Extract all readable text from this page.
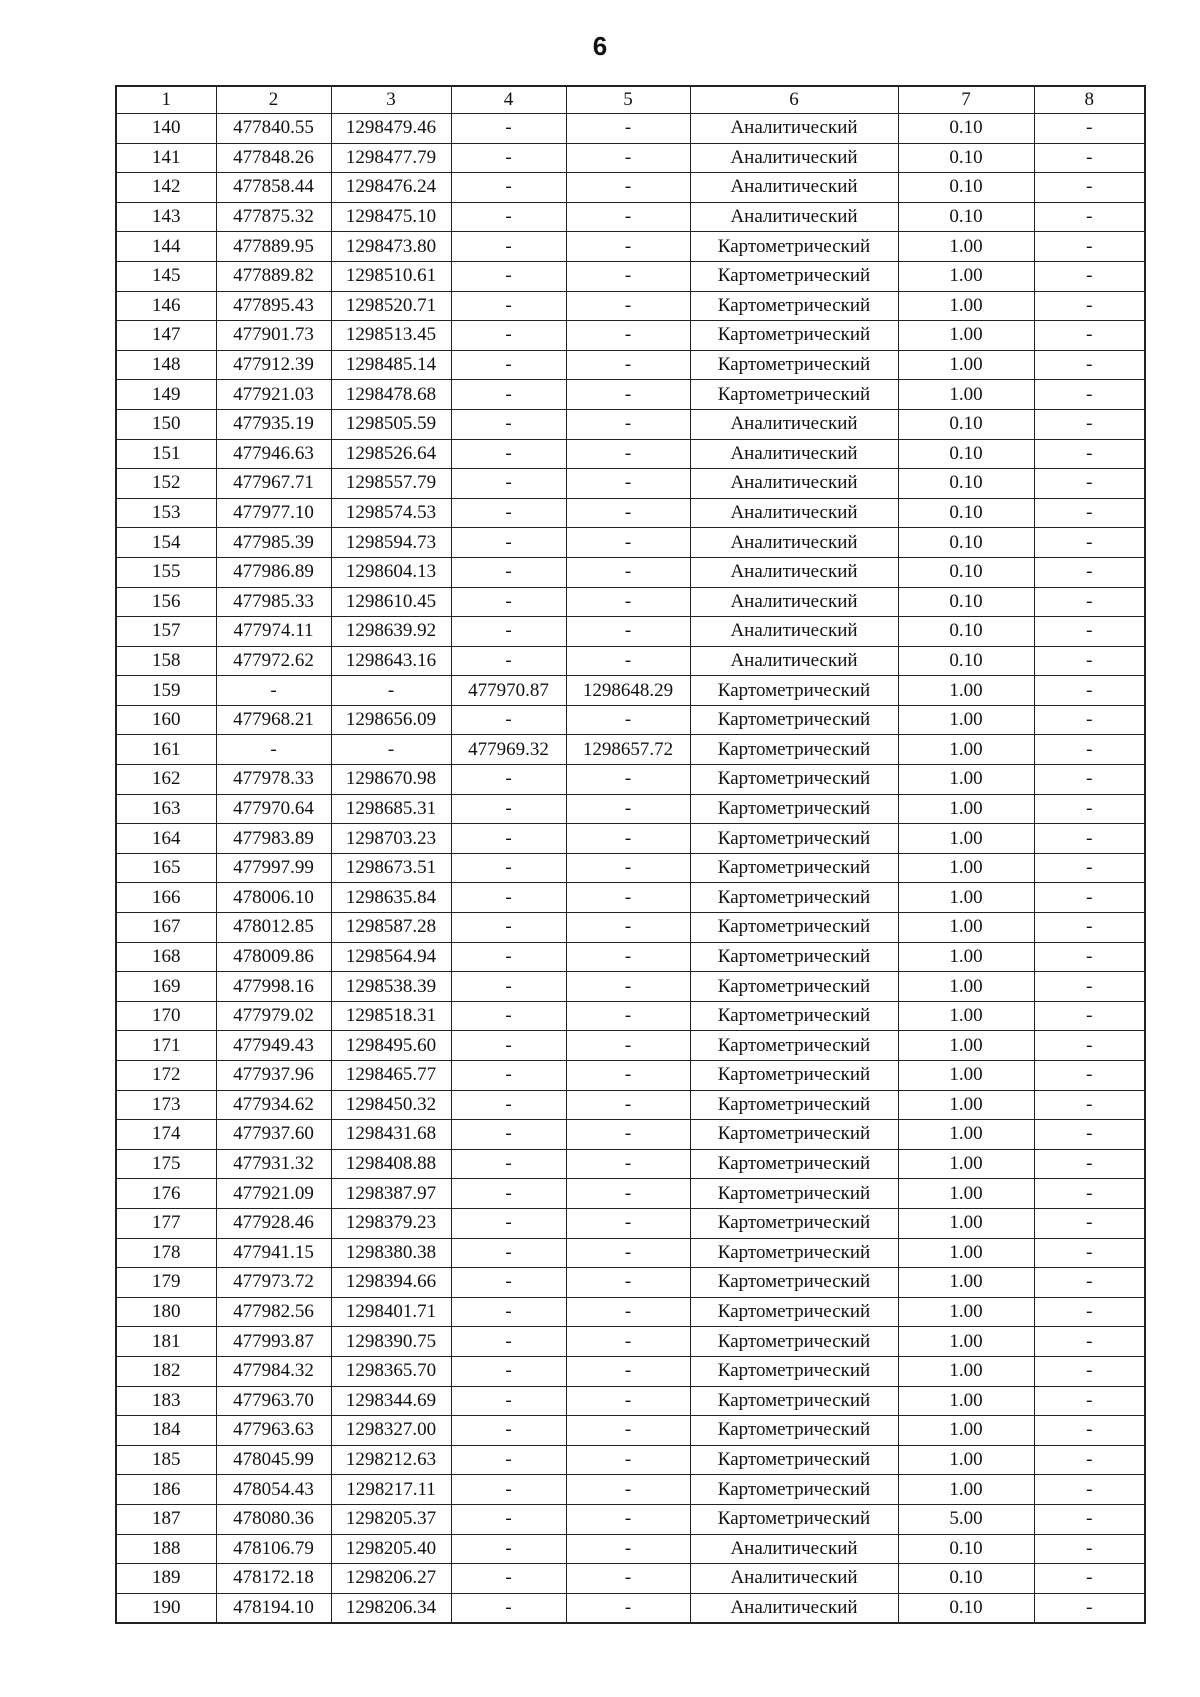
6
1	2	3	4	5	6	7	8
140	477840.55	1298479.46	-	-	Аналитический	0.10	-
141	477848.26	1298477.79	-	-	Аналитический	0.10	-
142	477858.44	1298476.24	-	-	Аналитический	0.10	-
143	477875.32	1298475.10	-	-	Аналитический	0.10	-
144	477889.95	1298473.80	-	-	Картометрический	1.00	-
145	477889.82	1298510.61	-	-	Картометрический	1.00	-
146	477895.43	1298520.71	-	-	Картометрический	1.00	-
147	477901.73	1298513.45	-	-	Картометрический	1.00	-
148	477912.39	1298485.14	-	-	Картометрический	1.00	-
149	477921.03	1298478.68	-	-	Картометрический	1.00	-
150	477935.19	1298505.59	-	-	Аналитический	0.10	-
151	477946.63	1298526.64	-	-	Аналитический	0.10	-
152	477967.71	1298557.79	-	-	Аналитический	0.10	-
153	477977.10	1298574.53	-	-	Аналитический	0.10	-
154	477985.39	1298594.73	-	-	Аналитический	0.10	-
155	477986.89	1298604.13	-	-	Аналитический	0.10	-
156	477985.33	1298610.45	-	-	Аналитический	0.10	-
157	477974.11	1298639.92	-	-	Аналитический	0.10	-
158	477972.62	1298643.16	-	-	Аналитический	0.10	-
159	-	-	477970.87	1298648.29	Картометрический	1.00	-
160	477968.21	1298656.09	-	-	Картометрический	1.00	-
161	-	-	477969.32	1298657.72	Картометрический	1.00	-
162	477978.33	1298670.98	-	-	Картометрический	1.00	-
163	477970.64	1298685.31	-	-	Картометрический	1.00	-
164	477983.89	1298703.23	-	-	Картометрический	1.00	-
165	477997.99	1298673.51	-	-	Картометрический	1.00	-
166	478006.10	1298635.84	-	-	Картометрический	1.00	-
167	478012.85	1298587.28	-	-	Картометрический	1.00	-
168	478009.86	1298564.94	-	-	Картометрический	1.00	-
169	477998.16	1298538.39	-	-	Картометрический	1.00	-
170	477979.02	1298518.31	-	-	Картометрический	1.00	-
171	477949.43	1298495.60	-	-	Картометрический	1.00	-
172	477937.96	1298465.77	-	-	Картометрический	1.00	-
173	477934.62	1298450.32	-	-	Картометрический	1.00	-
174	477937.60	1298431.68	-	-	Картометрический	1.00	-
175	477931.32	1298408.88	-	-	Картометрический	1.00	-
176	477921.09	1298387.97	-	-	Картометрический	1.00	-
177	477928.46	1298379.23	-	-	Картометрический	1.00	-
178	477941.15	1298380.38	-	-	Картометрический	1.00	-
179	477973.72	1298394.66	-	-	Картометрический	1.00	-
180	477982.56	1298401.71	-	-	Картометрический	1.00	-
181	477993.87	1298390.75	-	-	Картометрический	1.00	-
182	477984.32	1298365.70	-	-	Картометрический	1.00	-
183	477963.70	1298344.69	-	-	Картометрический	1.00	-
184	477963.63	1298327.00	-	-	Картометрический	1.00	-
185	478045.99	1298212.63	-	-	Картометрический	1.00	-
186	478054.43	1298217.11	-	-	Картометрический	1.00	-
187	478080.36	1298205.37	-	-	Картометрический	5.00	-
188	478106.79	1298205.40	-	-	Аналитический	0.10	-
189	478172.18	1298206.27	-	-	Аналитический	0.10	-
190	478194.10	1298206.34	-	-	Аналитический	0.10	-
